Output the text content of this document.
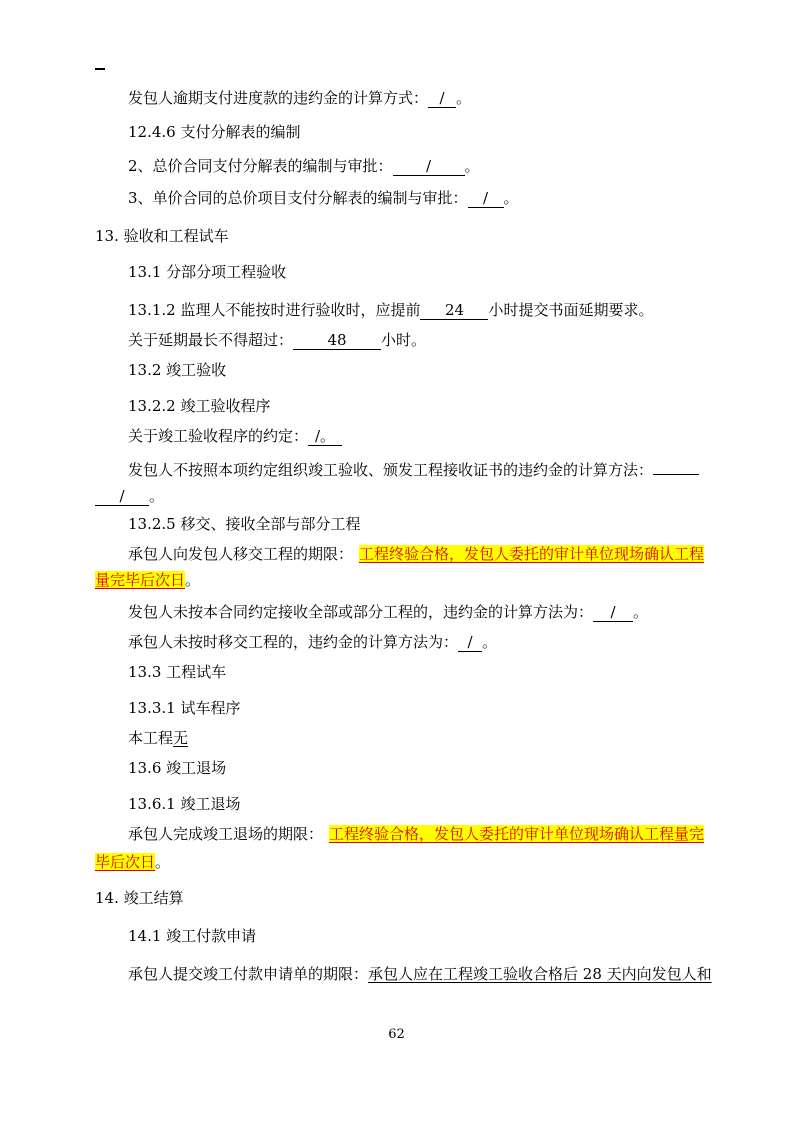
发包人逾期支付进度款的违约金的计算方式： / 。
12.4.6 支付分解表的编制
2、总价合同支付分解表的编制与审批： / 。
3、单价合同的总价项目支付分解表的编制与审批： / 。
13. 验收和工程试车
13.1 分部分项工程验收
13.1.2 监理人不能按时进行验收时，应提前 24 小时提交书面延期要求。
关于延期最长不得超过： 48 小时。
13.2 竣工验收
13.2.2 竣工验收程序
关于竣工验收程序的约定： /。
发包人不按照本项约定组织竣工验收、颁发工程接收证书的违约金的计算方法：
/ 。
13.2.5 移交、接收全部与部分工程
承包人向发包人移交工程的期限： 工程终验合格，发包人委托的审计单位现场确认工程
量完毕后次日。
发包人未按本合同约定接收全部或部分工程的，违约金的计算方法为： / 。
承包人未按时移交工程的，违约金的计算方法为： / 。
13.3 工程试车
13.3.1 试车程序
本工程无
13.6 竣工退场
13.6.1 竣工退场
承包人完成竣工退场的期限： 工程终验合格，发包人委托的审计单位现场确认工程量完
毕后次日。
14. 竣工结算
14.1 竣工付款申请
承包人提交竣工付款申请单的期限：承包人应在工程竣工验收合格后 28 天内向发包人和
62
